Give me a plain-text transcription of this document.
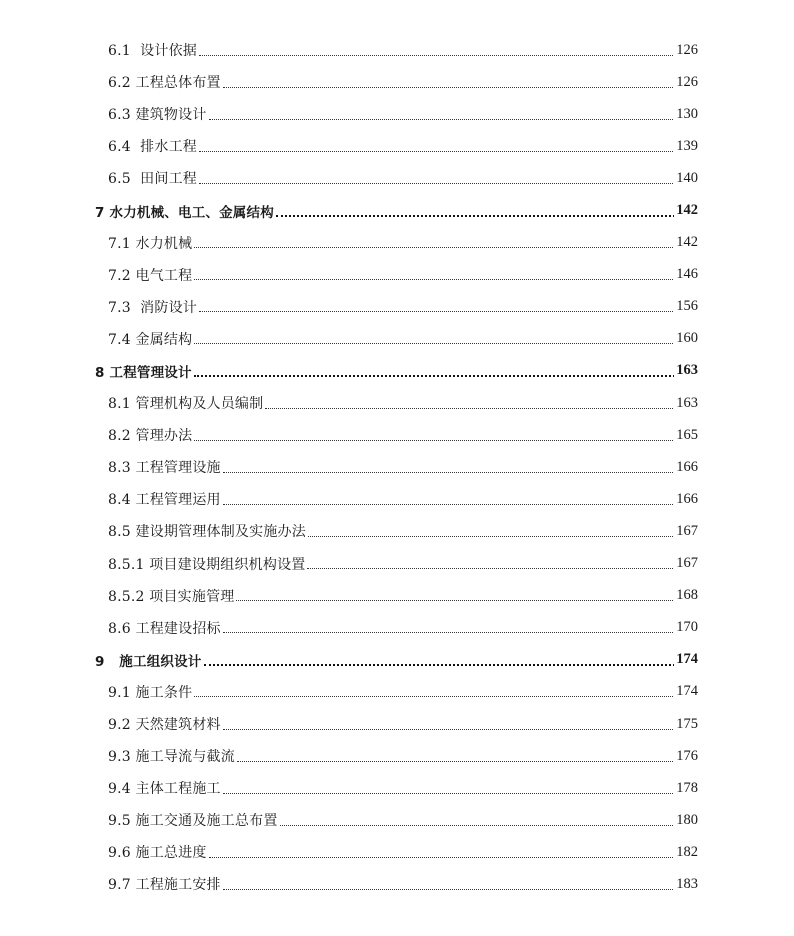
6.1  设计依据	126
6.2 工程总体布置	126
6.3 建筑物设计	130
6.4  排水工程	139
6.5  田间工程	140
7 水力机械、电工、金属结构	142
7.1 水力机械	142
7.2 电气工程	146
7.3  消防设计	156
7.4 金属结构	160
8 工程管理设计	163
8.1 管理机构及人员编制	163
8.2 管理办法	165
8.3 工程管理设施	166
8.4 工程管理运用	166
8.5 建设期管理体制及实施办法	167
8.5.1 项目建设期组织机构设置	167
8.5.2 项目实施管理	168
8.6 工程建设招标	170
9   施工组织设计	174
9.1 施工条件	174
9.2 天然建筑材料	175
9.3 施工导流与截流	176
9.4 主体工程施工	178
9.5 施工交通及施工总布置	180
9.6 施工总进度	182
9.7 工程施工安排	183
